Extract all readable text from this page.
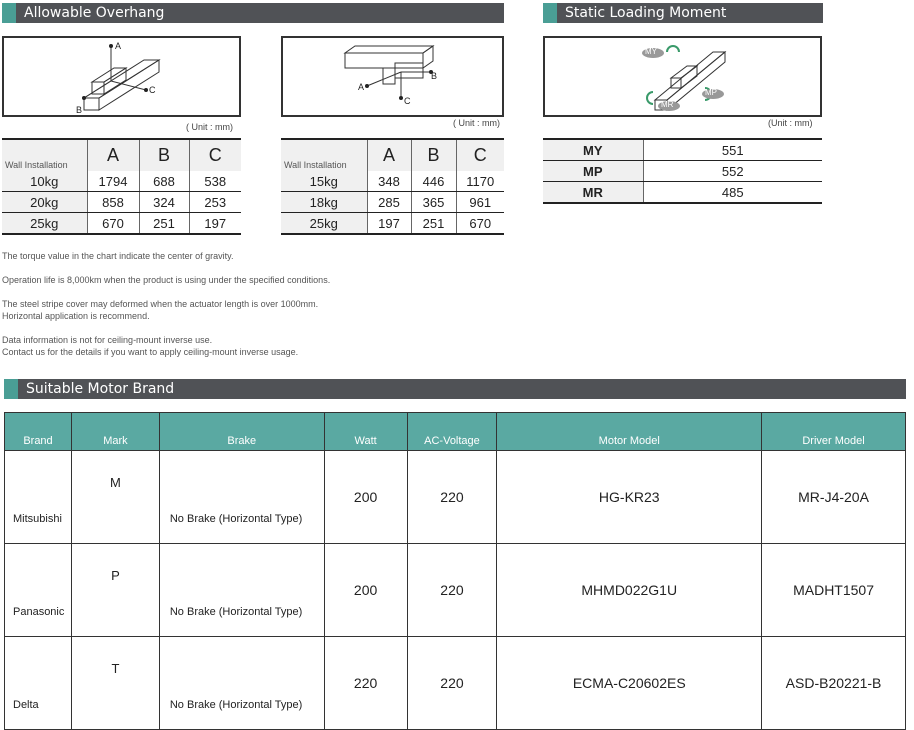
Allowable Overhang	Static Loading Moment
A
B
C	A
B
C
MY
MP
MR
( Unit : mm)	( Unit : mm)	(Unit : mm)
Wall Installation	A	B	C
10kg	1794	688	538
20kg	858	324	253
25kg	670	251	197
Wall Installation	A	B	C
15kg	348	446	1170
18kg	285	365	961
25kg	197	251	670
MY	551
MP	552
MR	485

The torque value in the chart indicate the center of gravity.

Operation life is 8,000km when the product is using under the specified conditions.

The steel stripe cover may deformed when the actuator length is over 1000mm.
Horizontal application is recommend.

Data information is not for ceiling-mount inverse use.
Contact us for the details if you want to apply ceiling-mount inverse usage.

Suitable Motor Brand
Brand	Mark	Brake	Watt	AC-Voltage	Motor Model	Driver Model
Mitsubishi	M	No Brake (Horizontal Type)	200	220	HG-KR23	MR-J4-20A
Panasonic	P	No Brake (Horizontal Type)	200	220	MHMD022G1U	MADHT1507
Delta	T	No Brake (Horizontal Type)	220	220	ECMA-C20602ES	ASD-B20221-B
